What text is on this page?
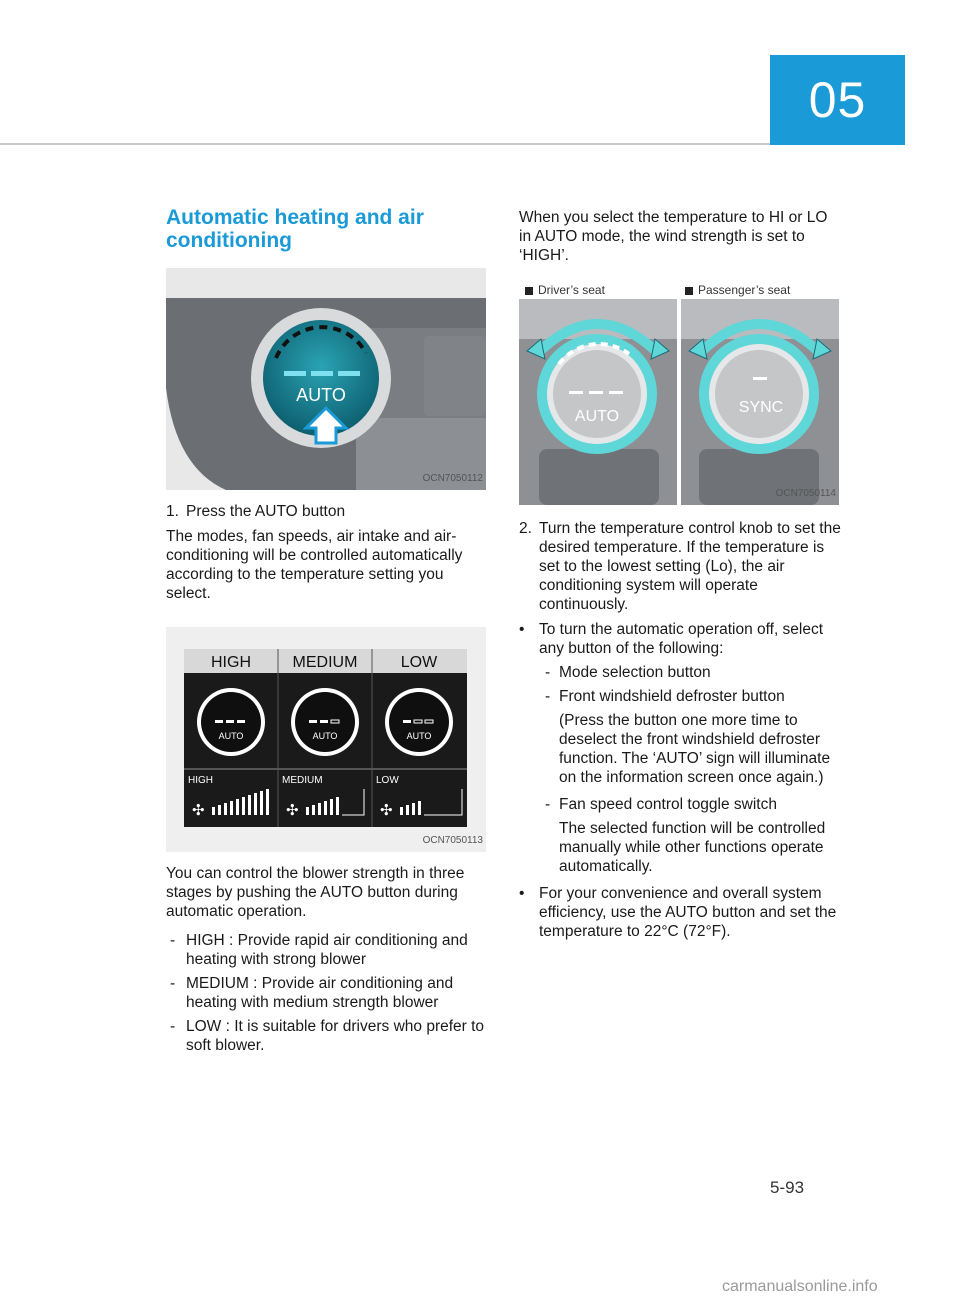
05
Automatic heating and air conditioning
AUTO
OCN7050112
1. Press the AUTO button

The modes, fan speeds, air intake and air-conditioning will be controlled automatically according to the temperature setting you select.

HIGH	MEDIUM	LOW
AUTO	AUTO	AUTO
HIGH	MEDIUM	LOW
✣	✣	✣
OCN7050113

You can control the blower strength in three stages by pushing the AUTO button during automatic operation.

- HIGH : Provide rapid air conditioning and heating with strong blower
- MEDIUM : Provide air conditioning and heating with medium strength blower
- LOW : It is suitable for drivers who prefer to soft blower.

When you select the temperature to HI or LO in AUTO mode, the wind strength is set to ‘HIGH’.

Driver’s seat	Passenger’s seat
AUTO
SYNC
OCN7050114
2. Turn the temperature control knob to set the desired temperature. If the temperature is set to the lowest setting (Lo), the air conditioning system will operate continuously.
• To turn the automatic operation off, select any button of the following:
- Mode selection button
- Front windshield defroster button
(Press the button one more time to deselect the front windshield defroster function. The ‘AUTO’ sign will illuminate on the information screen once again.)
- Fan speed control toggle switch
The selected function will be controlled manually while other functions operate automatically.
• For your convenience and overall system efficiency, use the AUTO button and set the temperature to 22°C (72°F).
5-93
carmanualsonline.info
